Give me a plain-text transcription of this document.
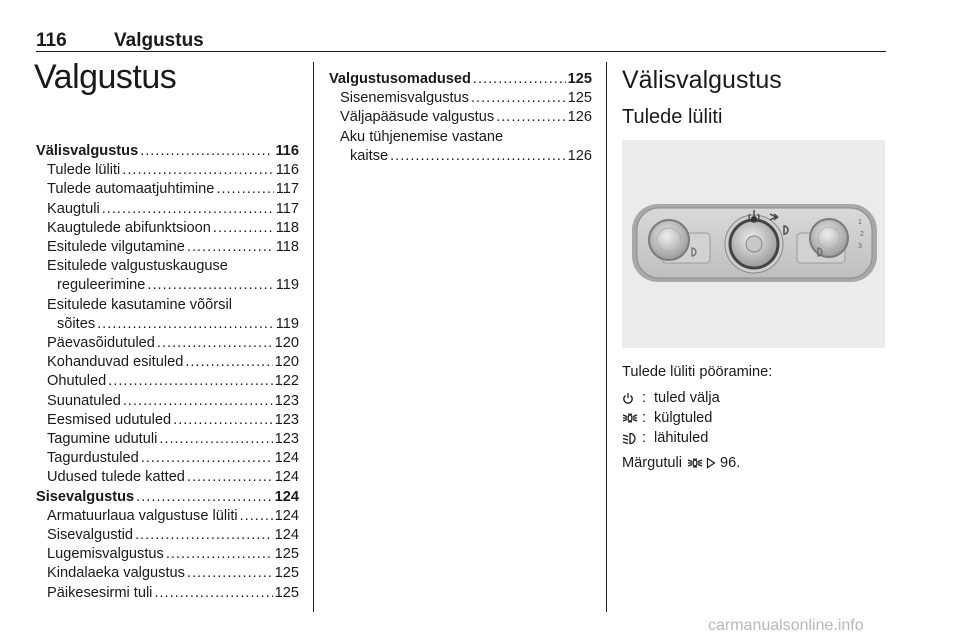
116 Valgustus
Valgustus
Välisvalgustus .....	116
Tulede lüliti .....	116
Tulede automaatjuhtimine .....	117
Kaugtuli .....	117
Kaugtulede abifunktsioon .....	118
Esitulede vilgutamine .....	118
Esitulede valgustuskauguse
reguleerimine .....	119
Esitulede kasutamine võõrsil
sõites .....	119
Päevasõidutuled .....	120
Kohanduvad esituled .....	120
Ohutuled .....	122
Suunatuled .....	123
Eesmised udutuled .....	123
Tagumine udutuli .....	123
Tagurdustuled .....	124
Udused tulede katted .....	124
Sisevalgustus .....	124
Armatuurlaua valgustuse lüliti .....	124
Sisevalgustid .....	124
Lugemisvalgustus .....	125
Kindalaeka valgustus .....	125
Päikesesirmi tuli .....	125
Valgustusomadused .....	125
Sisenemisvalgustus .....	125
Väljapääsude valgustus .....	126
Aku tühjenemise vastane
kaitse .....	126
Välisvalgustus
Tulede lüliti
1
2
3
Tulede lüliti pööramine:
: tuled välja
: külgtuled
: lähituled
Märgutuli	96.
carmanualsonline.info
